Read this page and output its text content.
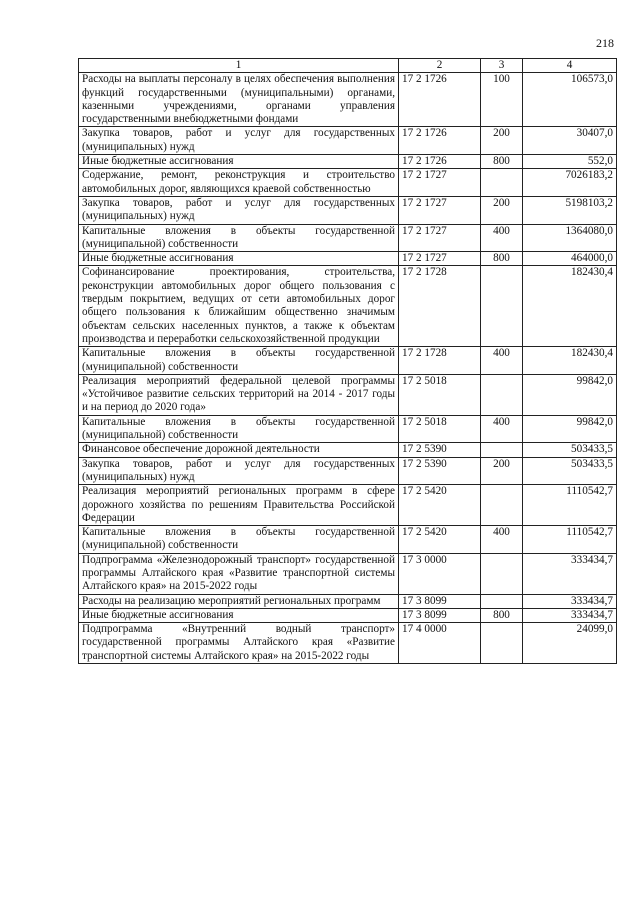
218
1	2	3	4
Расходы на выплаты персоналу в целях обеспечения выполнения функций государственными (муниципальными) органами, казенными учреждениями, органами управления государственными внебюджетными фондами	17 2 1726	100	106573,0
Закупка товаров, работ и услуг для государственных (муниципальных) нужд	17 2 1726	200	30407,0
Иные бюджетные ассигнования	17 2 1726	800	552,0
Содержание, ремонт, реконструкция и строительство автомобильных дорог, являющихся краевой собственностью	17 2 1727		7026183,2
Закупка товаров, работ и услуг для государственных (муниципальных) нужд	17 2 1727	200	5198103,2
Капитальные вложения в объекты государственной (муниципальной) собственности	17 2 1727	400	1364080,0
Иные бюджетные ассигнования	17 2 1727	800	464000,0
Софинансирование проектирования, строительства, реконструкции автомобильных дорог общего пользования с твердым покрытием, ведущих от сети автомобильных дорог общего пользования к ближайшим общественно значимым объектам сельских населенных пунктов, а также к объектам производства и переработки сельскохозяйственной продукции	17 2 1728		182430,4
Капитальные вложения в объекты государственной (муниципальной) собственности	17 2 1728	400	182430,4
Реализация мероприятий федеральной целевой программы «Устойчивое развитие сельских территорий на 2014 - 2017 годы и на период до 2020 года»	17 2 5018		99842,0
Капитальные вложения в объекты государственной (муниципальной) собственности	17 2 5018	400	99842,0
Финансовое обеспечение дорожной деятельности	17 2 5390		503433,5
Закупка товаров, работ и услуг для государственных (муниципальных) нужд	17 2 5390	200	503433,5
Реализация мероприятий региональных программ в сфере дорожного хозяйства по решениям Правительства Российской Федерации	17 2 5420		1110542,7
Капитальные вложения в объекты государственной (муниципальной) собственности	17 2 5420	400	1110542,7
Подпрограмма «Железнодорожный транспорт» государственной программы Алтайского края «Развитие транспортной системы Алтайского края» на 2015-2022 годы	17 3 0000		333434,7
Расходы на реализацию мероприятий региональных программ	17 3 8099		333434,7
Иные бюджетные ассигнования	17 3 8099	800	333434,7
Подпрограмма «Внутренний водный транспорт» государственной программы Алтайского края «Развитие транспортной системы Алтайского края» на 2015-2022 годы	17 4 0000		24099,0
